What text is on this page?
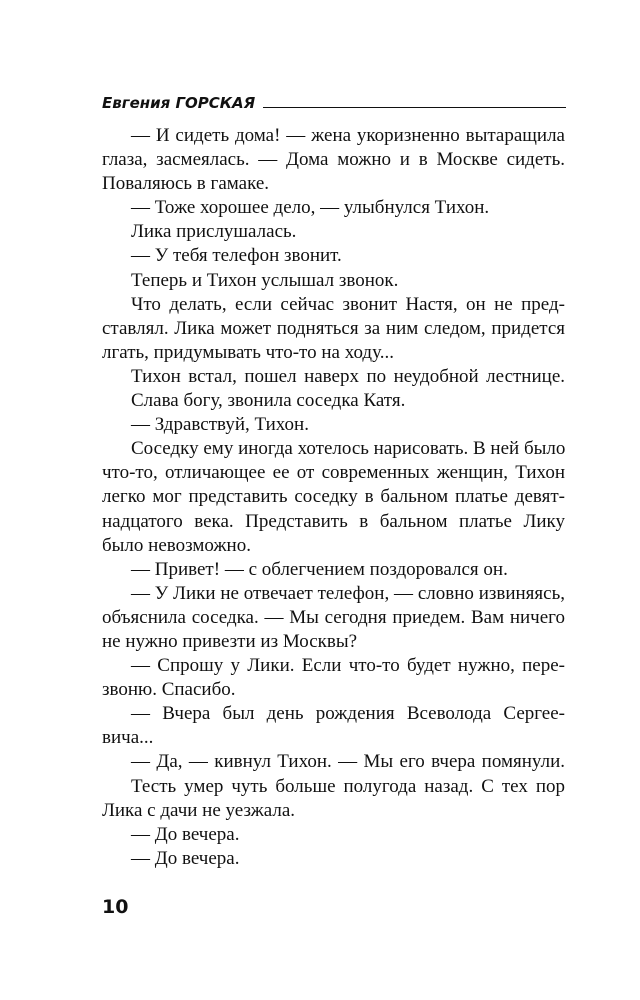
Евгения ГОРСКАЯ
— И сидеть дома! — жена укоризненно вытаращила
глаза, засмеялась. — Дома можно и в Москве сидеть.
Поваляюсь в гамаке.
— Тоже хорошее дело, — улыбнулся Тихон.
Лика прислушалась.
— У тебя телефон звонит.
Теперь и Тихон услышал звонок.
Что делать, если сейчас звонит Настя, он не пред-
ставлял. Лика может подняться за ним следом, придется
лгать, придумывать что-то на ходу...
Тихон встал, пошел наверх по неудобной лестнице.
Слава богу, звонила соседка Катя.
— Здравствуй, Тихон.
Соседку ему иногда хотелось нарисовать. В ней было
что-то, отличающее ее от современных женщин, Тихон
легко мог представить соседку в бальном платье девят-
надцатого века. Представить в бальном платье Лику
было невозможно.
— Привет! — с облегчением поздоровался он.
— У Лики не отвечает телефон, — словно извиняясь,
объяснила соседка. — Мы сегодня приедем. Вам ничего
не нужно привезти из Москвы?
— Спрошу у Лики. Если что-то будет нужно, пере-
звоню. Спасибо.
— Вчера был день рождения Всеволода Сергее-
вича...
— Да, — кивнул Тихон. — Мы его вчера помянули.
Тесть умер чуть больше полугода назад. С тех пор
Лика с дачи не уезжала.
— До вечера.
— До вечера.
10
